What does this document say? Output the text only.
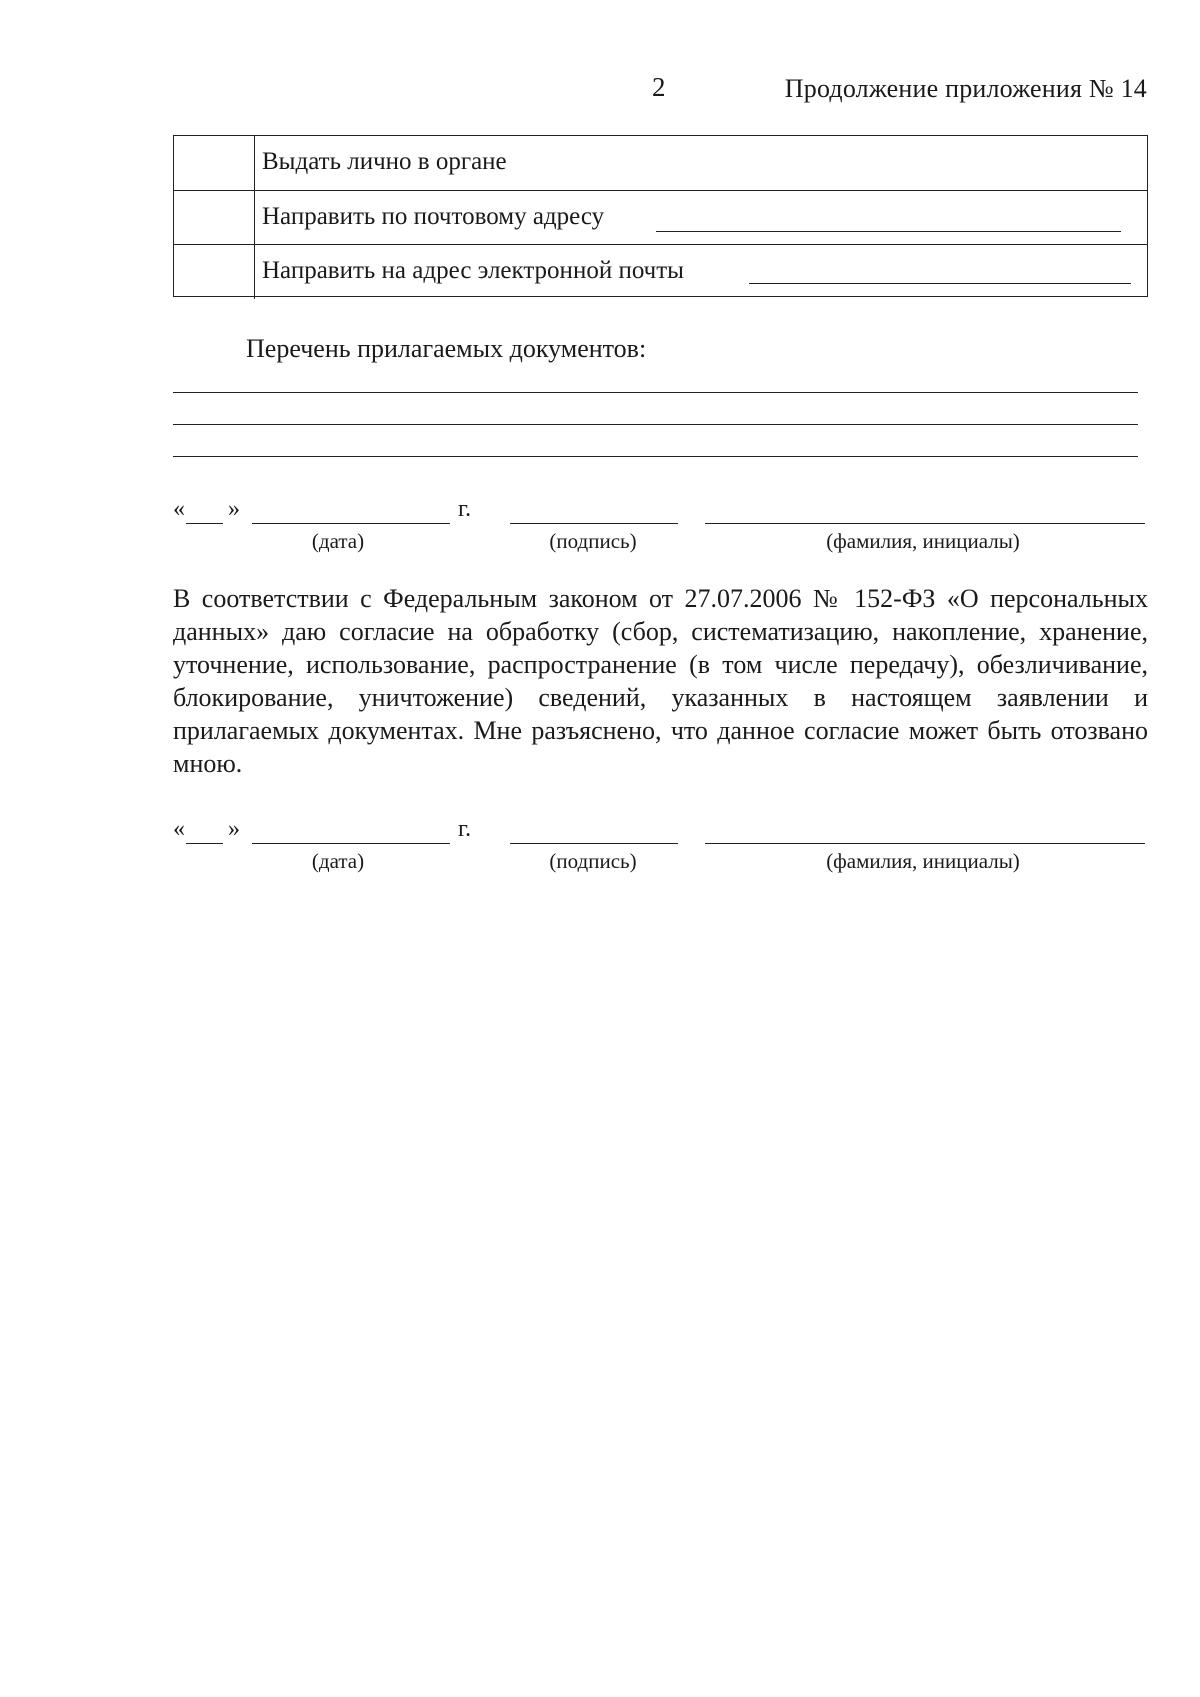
2	Продолжение приложения № 14
Выдать лично в органе
Направить по почтовому адресу
Направить на адрес электронной почты
Перечень прилагаемых документов:
« »	г.
(дата)	(подпись)	(фамилия, инициалы)

В соответствии с Федеральным законом от 27.07.2006 № 152-ФЗ «О персональных данных» даю согласие на обработку (сбор, систематизацию, накопление, хранение, уточнение, использование, распространение (в том числе передачу), обезличивание, блокирование, уничтожение) сведений, указанных в настоящем заявлении и прилагаемых документах. Мне разъяснено, что данное согласие может быть отозвано мною.

« »	г.
(дата)	(подпись)	(фамилия, инициалы)
